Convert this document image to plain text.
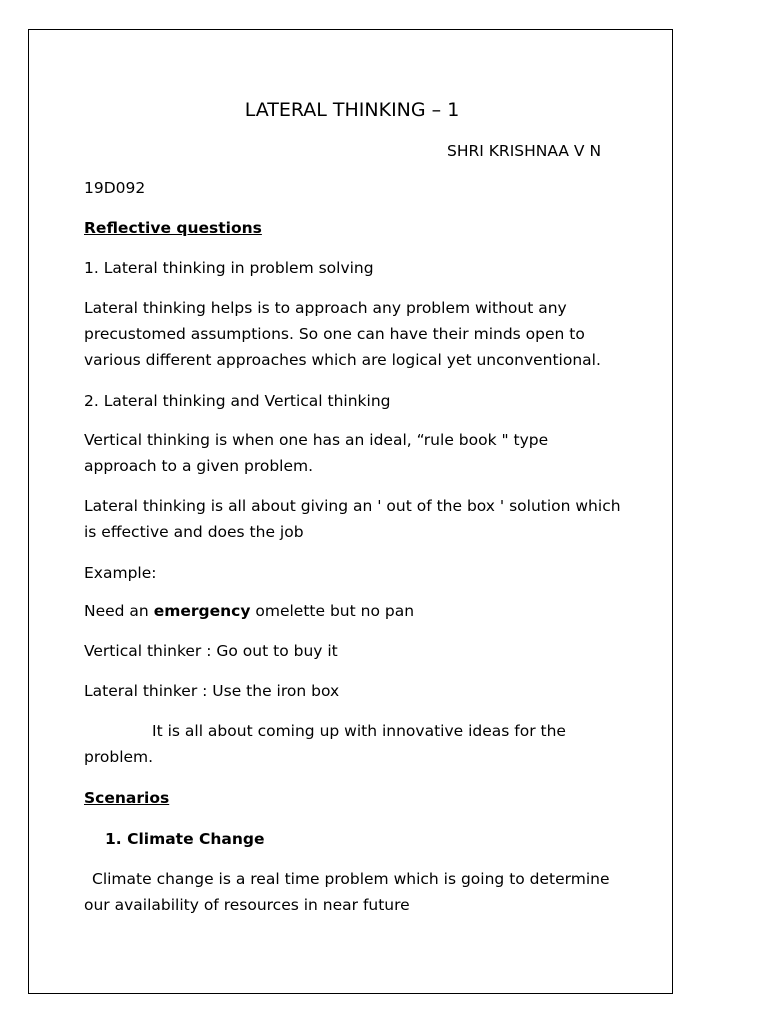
LATERAL THINKING – 1
SHRI KRISHNAA V N
19D092
Reflective questions
1. Lateral thinking in problem solving
Lateral thinking helps is to approach any problem without any
precustomed assumptions. So one can have their minds open to
various different approaches which are logical yet unconventional.
2. Lateral thinking and Vertical thinking
Vertical thinking is when one has an ideal, “rule book " type
approach to a given problem.
Lateral thinking is all about giving an ' out of the box ' solution which
is effective and does the job
Example:
Need an emergency omelette but no pan
Vertical thinker : Go out to buy it
Lateral thinker : Use the iron box
It is all about coming up with innovative ideas for the
problem.
Scenarios
1. Climate Change
Climate change is a real time problem which is going to determine
our availability of resources in near future
